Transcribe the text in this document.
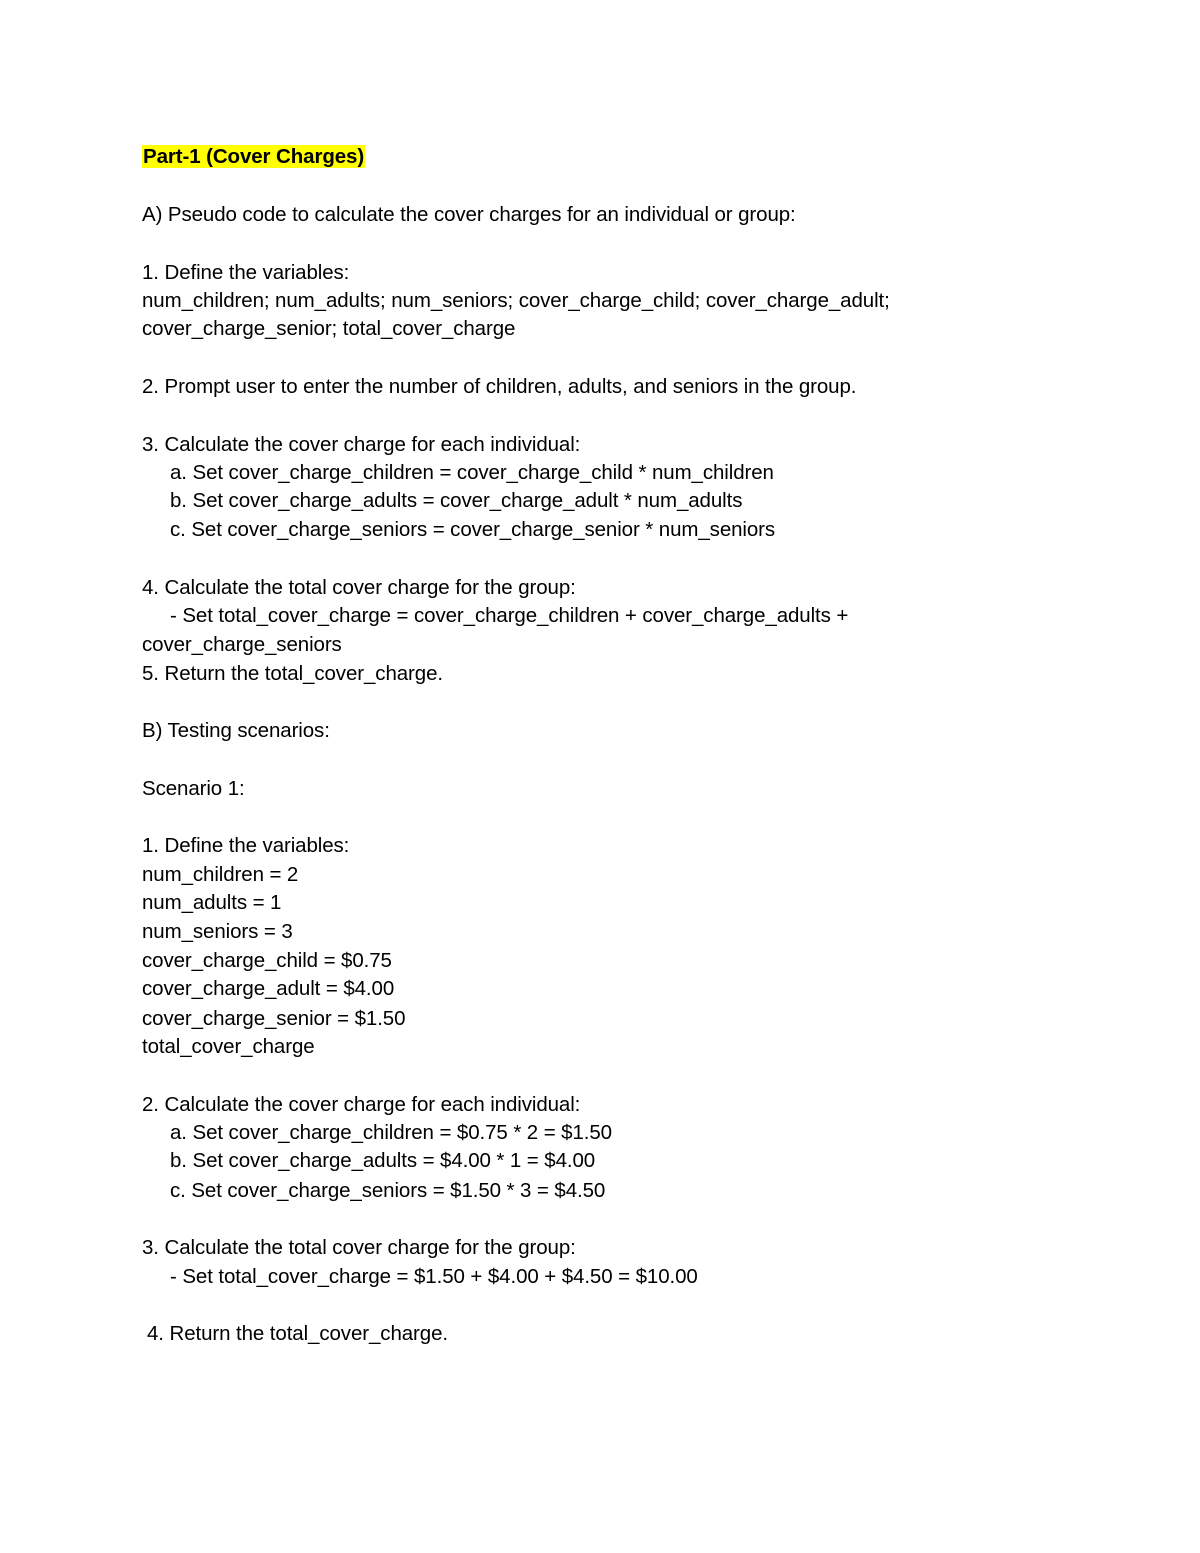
Part-1 (Cover Charges)
A) Pseudo code to calculate the cover charges for an individual or group:
1. Define the variables:
num_children; num_adults; num_seniors; cover_charge_child; cover_charge_adult;
cover_charge_senior; total_cover_charge
2. Prompt user to enter the number of children, adults, and seniors in the group.
3. Calculate the cover charge for each individual:
a. Set cover_charge_children = cover_charge_child * num_children
b. Set cover_charge_adults = cover_charge_adult * num_adults
c. Set cover_charge_seniors = cover_charge_senior * num_seniors
4. Calculate the total cover charge for the group:
- Set total_cover_charge = cover_charge_children + cover_charge_adults +
cover_charge_seniors
5. Return the total_cover_charge.
B) Testing scenarios:
Scenario 1:
1. Define the variables:
num_children = 2
num_adults = 1
num_seniors = 3
cover_charge_child = $0.75
cover_charge_adult = $4.00
cover_charge_senior = $1.50
total_cover_charge
2. Calculate the cover charge for each individual:
a. Set cover_charge_children = $0.75 * 2 = $1.50
b. Set cover_charge_adults = $4.00 * 1 = $4.00
c. Set cover_charge_seniors = $1.50 * 3 = $4.50
3. Calculate the total cover charge for the group:
- Set total_cover_charge = $1.50 + $4.00 + $4.50 = $10.00
4. Return the total_cover_charge.
